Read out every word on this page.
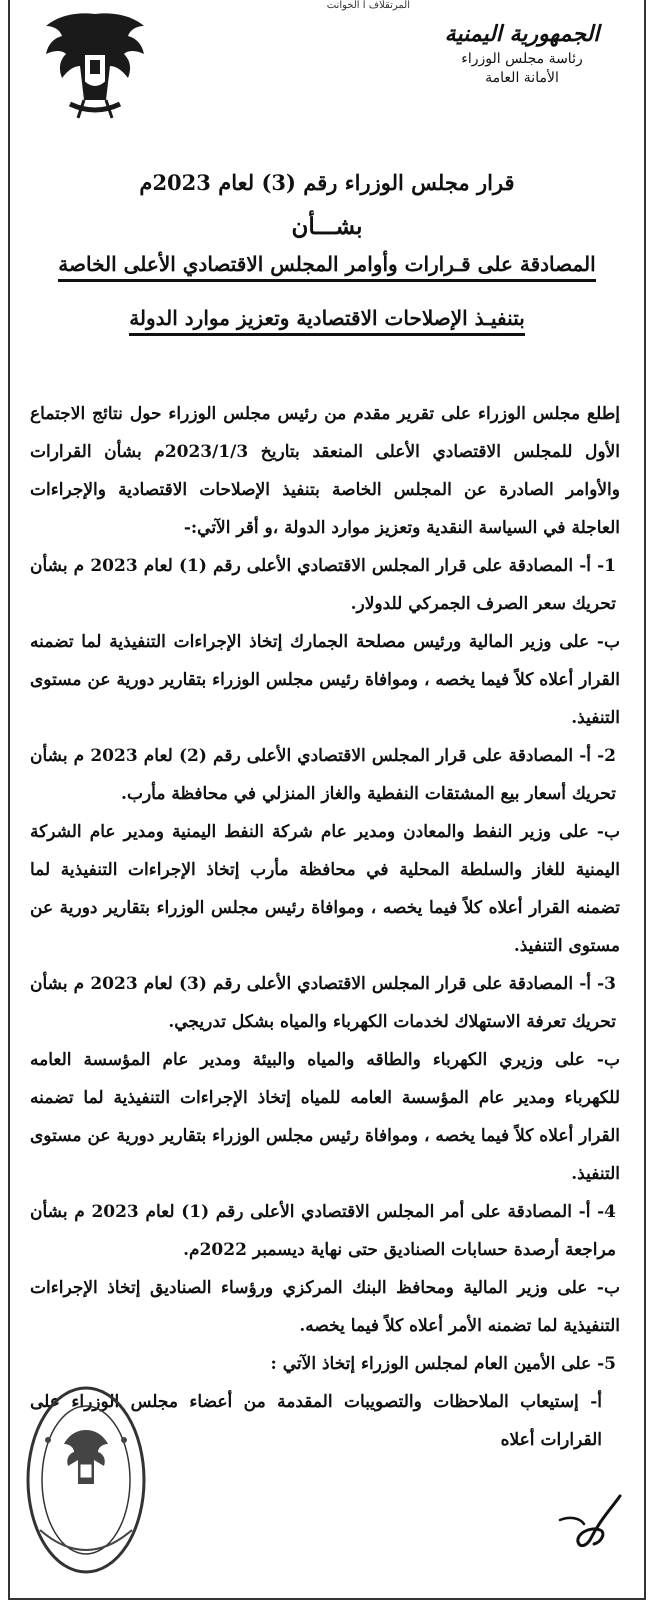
المرتقلاف ا الخوانت
الجمهورية اليمنية
رئاسة مجلس الوزراء
الأمانة العامة
قرار مجلس الوزراء رقم (3) لعام 2023م
بشـــأن
المصادقة على قـرارات وأوامر المجلس الاقتصادي الأعلى الخاصة
بتنفيـذ الإصلاحات الاقتصادية وتعزيز موارد الدولة

إطلع مجلس الوزراء على تقرير مقدم من رئيس مجلس الوزراء حول نتائج الاجتماع الأول للمجلس الاقتصادي الأعلى المنعقد بتاريخ 2023/1/3م بشأن القرارات والأوامر الصادرة عن المجلس الخاصة بتنفيذ الإصلاحات الاقتصادية والإجراءات العاجلة في السياسة النقدية وتعزيز موارد الدولة ،و أقر الآتي:-

1- أ- المصادقة على قرار المجلس الاقتصادي الأعلى رقم (1) لعام 2023 م بشأن تحريك سعر الصرف الجمركي للدولار.

ب- على وزير المالية ورئيس مصلحة الجمارك إتخاذ الإجراءات التنفيذية لما تضمنه القرار أعلاه كلاً فيما يخصه ، وموافاة رئيس مجلس الوزراء بتقارير دورية عن مستوى التنفيذ.

2- أ- المصادقة على قرار المجلس الاقتصادي الأعلى رقم (2) لعام 2023 م بشأن تحريك أسعار بيع المشتقات النفطية والغاز المنزلي في محافظة مأرب.

ب- على وزير النفط والمعادن ومدير عام شركة النفط اليمنية ومدير عام الشركة اليمنية للغاز والسلطة المحلية في محافظة مأرب إتخاذ الإجراءات التنفيذية لما تضمنه القرار أعلاه كلاً فيما يخصه ، وموافاة رئيس مجلس الوزراء بتقارير دورية عن مستوى التنفيذ.

3- أ- المصادقة على قرار المجلس الاقتصادي الأعلى رقم (3) لعام 2023 م بشأن تحريك تعرفة الاستهلاك لخدمات الكهرباء والمياه بشكل تدريجي.

ب- على وزيري الكهرباء والطاقه والمياه والبيئة ومدير عام المؤسسة العامه للكهرباء ومدير عام المؤسسة العامه للمياه إتخاذ الإجراءات التنفيذية لما تضمنه القرار أعلاه كلاً فيما يخصه ، وموافاة رئيس مجلس الوزراء بتقارير دورية عن مستوى التنفيذ.

4- أ- المصادقة على أمر المجلس الاقتصادي الأعلى رقم (1) لعام 2023 م بشأن مراجعة أرصدة حسابات الصناديق حتى نهاية ديسمبر 2022م.

ب- على وزير المالية ومحافظ البنك المركزي ورؤساء الصناديق إتخاذ الإجراءات التنفيذية لما تضمنه الأمر أعلاه كلاً فيما يخصه.

5- على الأمين العام لمجلس الوزراء إتخاذ الآتي :

أ- إستيعاب الملاحظات والتصويبات المقدمة من أعضاء مجلس الوزراء على القرارات أعلاه
